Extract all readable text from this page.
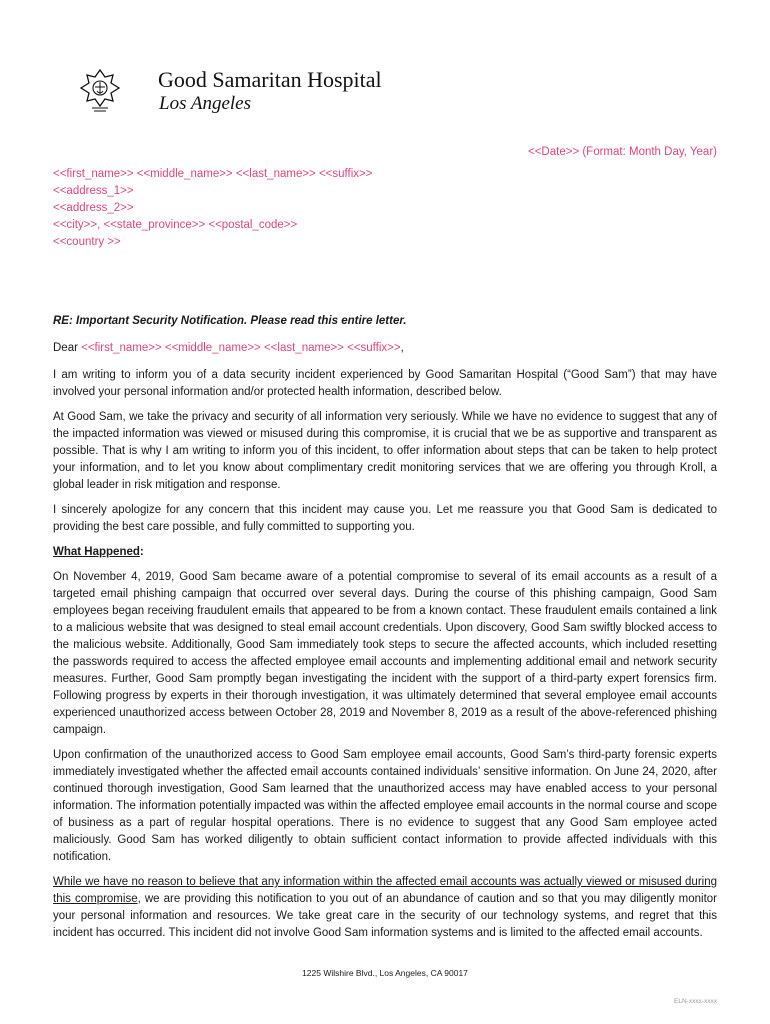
Good Samaritan Hospital
Los Angeles
<<Date>> (Format: Month Day, Year)
<<first_name>> <<middle_name>> <<last_name>> <<suffix>>
<<address_1>>
<<address_2>>
<<city>>, <<state_province>> <<postal_code>>
<<country >>

RE: Important Security Notification. Please read this entire letter.

Dear <<first_name>> <<middle_name>> <<last_name>> <<suffix>>,

I am writing to inform you of a data security incident experienced by Good Samaritan Hospital (“Good Sam”) that may have involved your personal information and/or protected health information, described below.

At Good Sam, we take the privacy and security of all information very seriously. While we have no evidence to suggest that any of the impacted information was viewed or misused during this compromise, it is crucial that we be as supportive and transparent as possible. That is why I am writing to inform you of this incident, to offer information about steps that can be taken to help protect your information, and to let you know about complimentary credit monitoring services that we are offering you through Kroll, a global leader in risk mitigation and response.

I sincerely apologize for any concern that this incident may cause you. Let me reassure you that Good Sam is dedicated to providing the best care possible, and fully committed to supporting you.

What Happened:

On November 4, 2019, Good Sam became aware of a potential compromise to several of its email accounts as a result of a targeted email phishing campaign that occurred over several days. During the course of this phishing campaign, Good Sam employees began receiving fraudulent emails that appeared to be from a known contact. These fraudulent emails contained a link to a malicious website that was designed to steal email account credentials. Upon discovery, Good Sam swiftly blocked access to the malicious website. Additionally, Good Sam immediately took steps to secure the affected accounts, which included resetting the passwords required to access the affected employee email accounts and implementing additional email and network security measures. Further, Good Sam promptly began investigating the incident with the support of a third-party expert forensics firm. Following progress by experts in their thorough investigation, it was ultimately determined that several employee email accounts experienced unauthorized access between October 28, 2019 and November 8, 2019 as a result of the above-referenced phishing campaign.

Upon confirmation of the unauthorized access to Good Sam employee email accounts, Good Sam’s third-party forensic experts immediately investigated whether the affected email accounts contained individuals’ sensitive information. On June 24, 2020, after continued thorough investigation, Good Sam learned that the unauthorized access may have enabled access to your personal information. The information potentially impacted was within the affected employee email accounts in the normal course and scope of business as a part of regular hospital operations. There is no evidence to suggest that any Good Sam employee acted maliciously. Good Sam has worked diligently to obtain sufficient contact information to provide affected individuals with this notification.

While we have no reason to believe that any information within the affected email accounts was actually viewed or misused during this compromise, we are providing this notification to you out of an abundance of caution and so that you may diligently monitor your personal information and resources. We take great care in the security of our technology systems, and regret that this incident has occurred. This incident did not involve Good Sam information systems and is limited to the affected email accounts.

1225 Wilshire Blvd., Los Angeles, CA 90017
ELN-xxxx-xxxx
